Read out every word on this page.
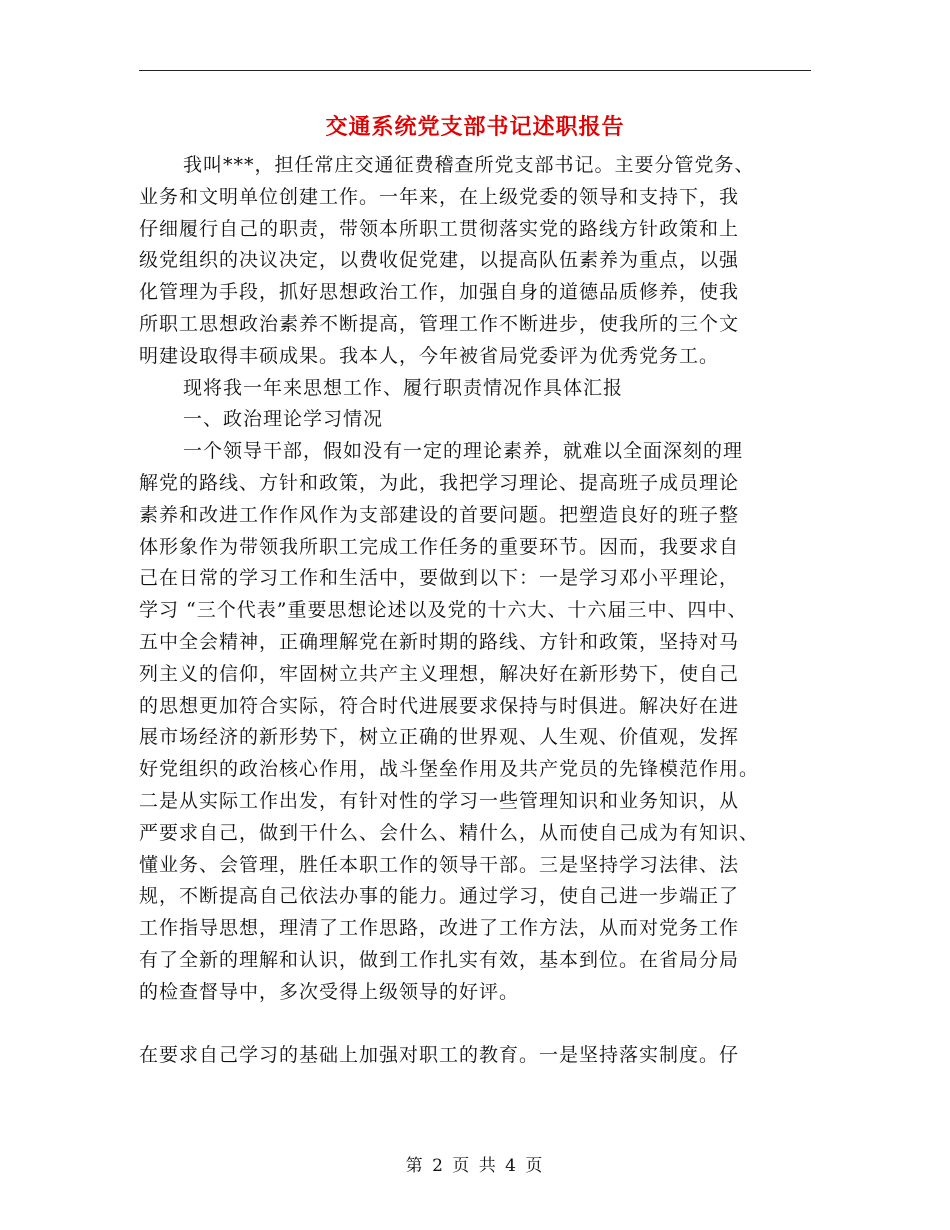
交通系统党支部书记述职报告
我叫***，担任常庄交通征费稽查所党支部书记。主要分管党务、
业务和文明单位创建工作。一年来，在上级党委的领导和支持下，我
仔细履行自己的职责，带领本所职工贯彻落实党的路线方针政策和上
级党组织的决议决定，以费收促党建，以提高队伍素养为重点，以强
化管理为手段，抓好思想政治工作，加强自身的道德品质修养，使我
所职工思想政治素养不断提高，管理工作不断进步，使我所的三个文
明建设取得丰硕成果。我本人，今年被省局党委评为优秀党务工。
现将我一年来思想工作、履行职责情况作具体汇报
一、政治理论学习情况
一个领导干部，假如没有一定的理论素养，就难以全面深刻的理
解党的路线、方针和政策，为此，我把学习理论、提高班子成员理论
素养和改进工作作风作为支部建设的首要问题。把塑造良好的班子整
体形象作为带领我所职工完成工作任务的重要环节。因而，我要求自
己在日常的学习工作和生活中，要做到以下：一是学习邓小平理论，
学习 “三个代表”重要思想论述以及党的十六大、十六届三中、四中、
五中全会精神，正确理解党在新时期的路线、方针和政策，坚持对马
列主义的信仰，牢固树立共产主义理想，解决好在新形势下，使自己
的思想更加符合实际，符合时代进展要求保持与时俱进。解决好在进
展市场经济的新形势下，树立正确的世界观、人生观、价值观，发挥
好党组织的政治核心作用，战斗堡垒作用及共产党员的先锋模范作用。
二是从实际工作出发，有针对性的学习一些管理知识和业务知识，从
严要求自己，做到干什么、会什么、精什么，从而使自己成为有知识、
懂业务、会管理，胜任本职工作的领导干部。三是坚持学习法律、法
规，不断提高自己依法办事的能力。通过学习，使自己进一步端正了
工作指导思想，理清了工作思路，改进了工作方法，从而对党务工作
有了全新的理解和认识，做到工作扎实有效，基本到位。在省局分局
的检查督导中，多次受得上级领导的好评。
在要求自己学习的基础上加强对职工的教育。一是坚持落实制度。仔
第 2 页 共 4 页
